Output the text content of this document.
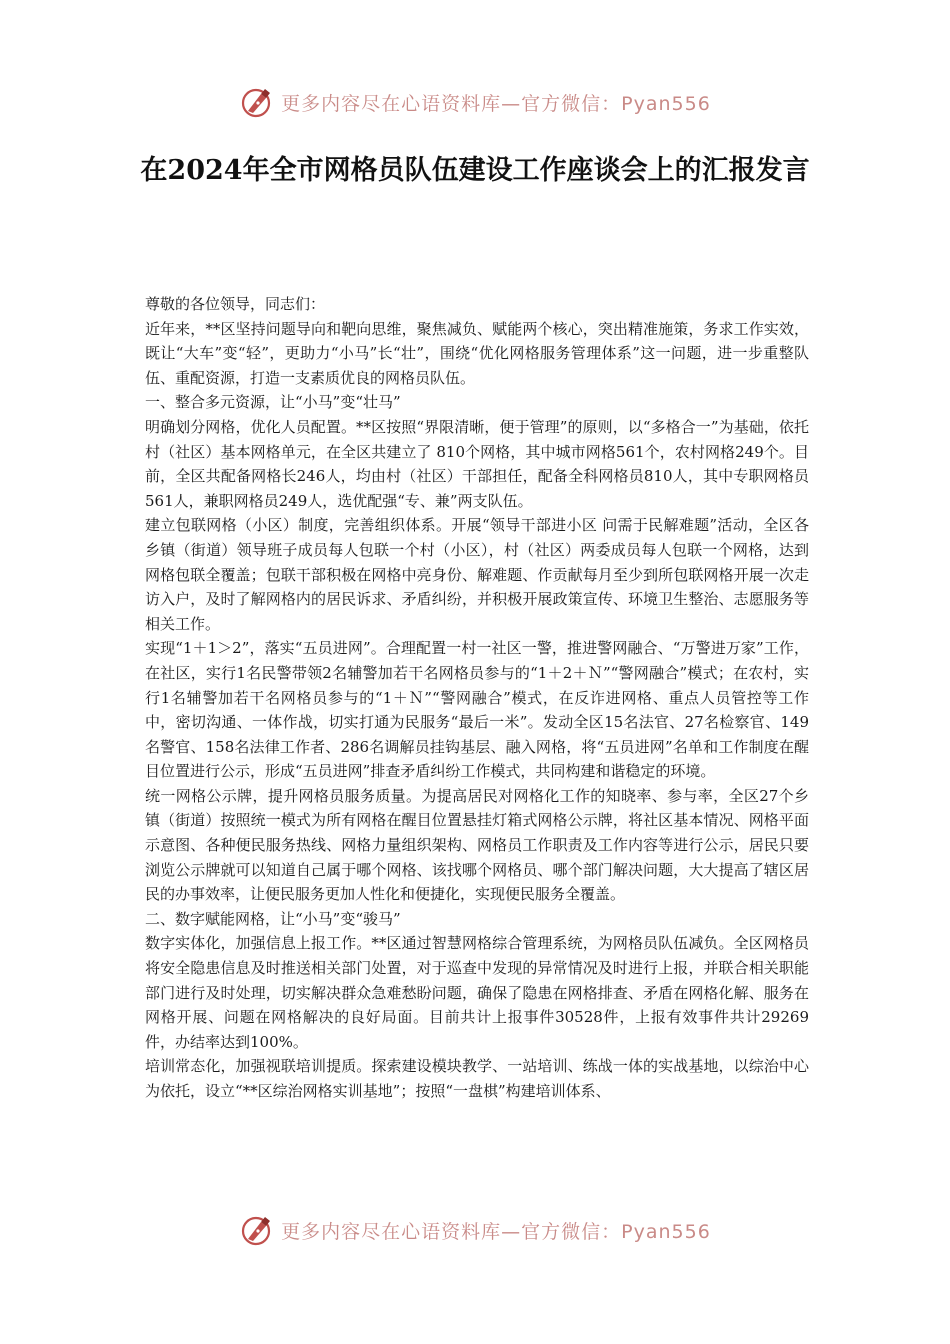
更多内容尽在心语资料库—官方微信：Pyan556
在2024年全市网格员队伍建设工作座谈会上的汇报发言

尊敬的各位领导，同志们：

近年来，**区坚持问题导向和靶向思维，聚焦减负、赋能两个核心，突出精准施策，务求工作实效，既让“大车”变“轻”，更助力“小马”长“壮”，围绕“优化网格服务管理体系”这一问题，进一步重整队伍、重配资源，打造一支素质优良的网格员队伍。

一、整合多元资源，让“小马”变“壮马”

明确划分网格，优化人员配置。**区按照“界限清晰，便于管理”的原则，以“多格合一”为基础，依托村（社区）基本网格单元，在全区共建立了 810个网格，其中城市网格561个，农村网格249个。目前，全区共配备网格长246人，均由村（社区）干部担任，配备全科网格员810人，其中专职网格员561人，兼职网格员249人，选优配强“专、兼”两支队伍。

建立包联网格（小区）制度，完善组织体系。开展“领导干部进小区 问需于民解难题”活动，全区各乡镇（街道）领导班子成员每人包联一个村（小区），村（社区）两委成员每人包联一个网格，达到网格包联全覆盖；包联干部积极在网格中亮身份、解难题、作贡献每月至少到所包联网格开展一次走访入户，及时了解网格内的居民诉求、矛盾纠纷，并积极开展政策宣传、环境卫生整治、志愿服务等相关工作。

实现“1＋1＞2”，落实“五员进网”。合理配置一村一社区一警，推进警网融合、“万警进万家”工作，在社区，实行1名民警带领2名辅警加若干名网格员参与的“1＋2＋Ｎ”“警网融合”模式；在农村，实行1名辅警加若干名网格员参与的“1＋Ｎ”“警网融合”模式，在反诈进网格、重点人员管控等工作中，密切沟通、一体作战，切实打通为民服务“最后一米”。发动全区15名法官、27名检察官、149名警官、158名法律工作者、286名调解员挂钩基层、融入网格，将“五员进网”名单和工作制度在醒目位置进行公示，形成“五员进网”排查矛盾纠纷工作模式，共同构建和谐稳定的环境。

统一网格公示牌，提升网格员服务质量。为提高居民对网格化工作的知晓率、参与率，全区27个乡镇（街道）按照统一模式为所有网格在醒目位置悬挂灯箱式网格公示牌，将社区基本情况、网格平面示意图、各种便民服务热线、网格力量组织架构、网格员工作职责及工作内容等进行公示，居民只要浏览公示牌就可以知道自己属于哪个网格、该找哪个网格员、哪个部门解决问题，大大提高了辖区居民的办事效率，让便民服务更加人性化和便捷化，实现便民服务全覆盖。

二、数字赋能网格，让“小马”变“骏马”

数字实体化，加强信息上报工作。**区通过智慧网格综合管理系统，为网格员队伍减负。全区网格员将安全隐患信息及时推送相关部门处置，对于巡查中发现的异常情况及时进行上报，并联合相关职能部门进行及时处理，切实解决群众急难愁盼问题，确保了隐患在网格排查、矛盾在网格化解、服务在网格开展、问题在网格解决的良好局面。目前共计上报事件30528件，上报有效事件共计29269件，办结率达到100%。

培训常态化，加强视联培训提质。探索建设模块教学、一站培训、练战一体的实战基地，以综治中心为依托，设立“**区综治网格实训基地”；按照“一盘棋”构建培训体系、

更多内容尽在心语资料库—官方微信：Pyan556
